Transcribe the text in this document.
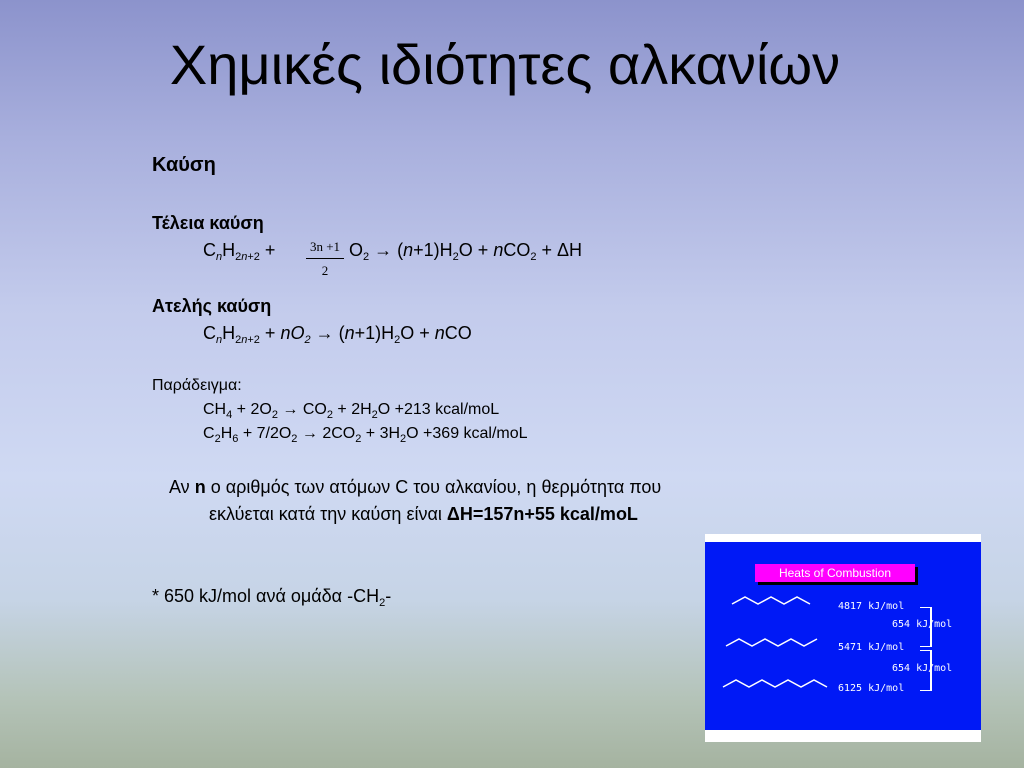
Χημικές ιδιότητες αλκανίων
Καύση
Τέλεια καύση
$C_nH_{2n+2}$ +	3n +1
2
$O_2 \to (n+1)H_2O + nCO_2 + \Delta H$
Ατελής καύση
$C_nH_{2n+2} + nO_2 \to (n+1)H_2O$ + nCO
Παράδειγμα:
$CH_4 + 2O_2 \to CO_2 + 2H_2O +213$ kcal/moL
$C_2H_6 + 7/2O_2 \to 2CO_2 + 3H_2O +369$ kcal/moL
Αν n ο αριθμός των ατόμων C του αλκανίου, η θερμότητα που
εκλύεται κατά την καύση είναι ΔΗ=157n+55 kcal/moL
* 650 kJ/mol ανά ομάδα $-CH_2-$
Heats of Combustion
4817 kJ/mol
654 kJ/mol
5471 kJ/mol
654 kJ/mol
6125 kJ/mol
